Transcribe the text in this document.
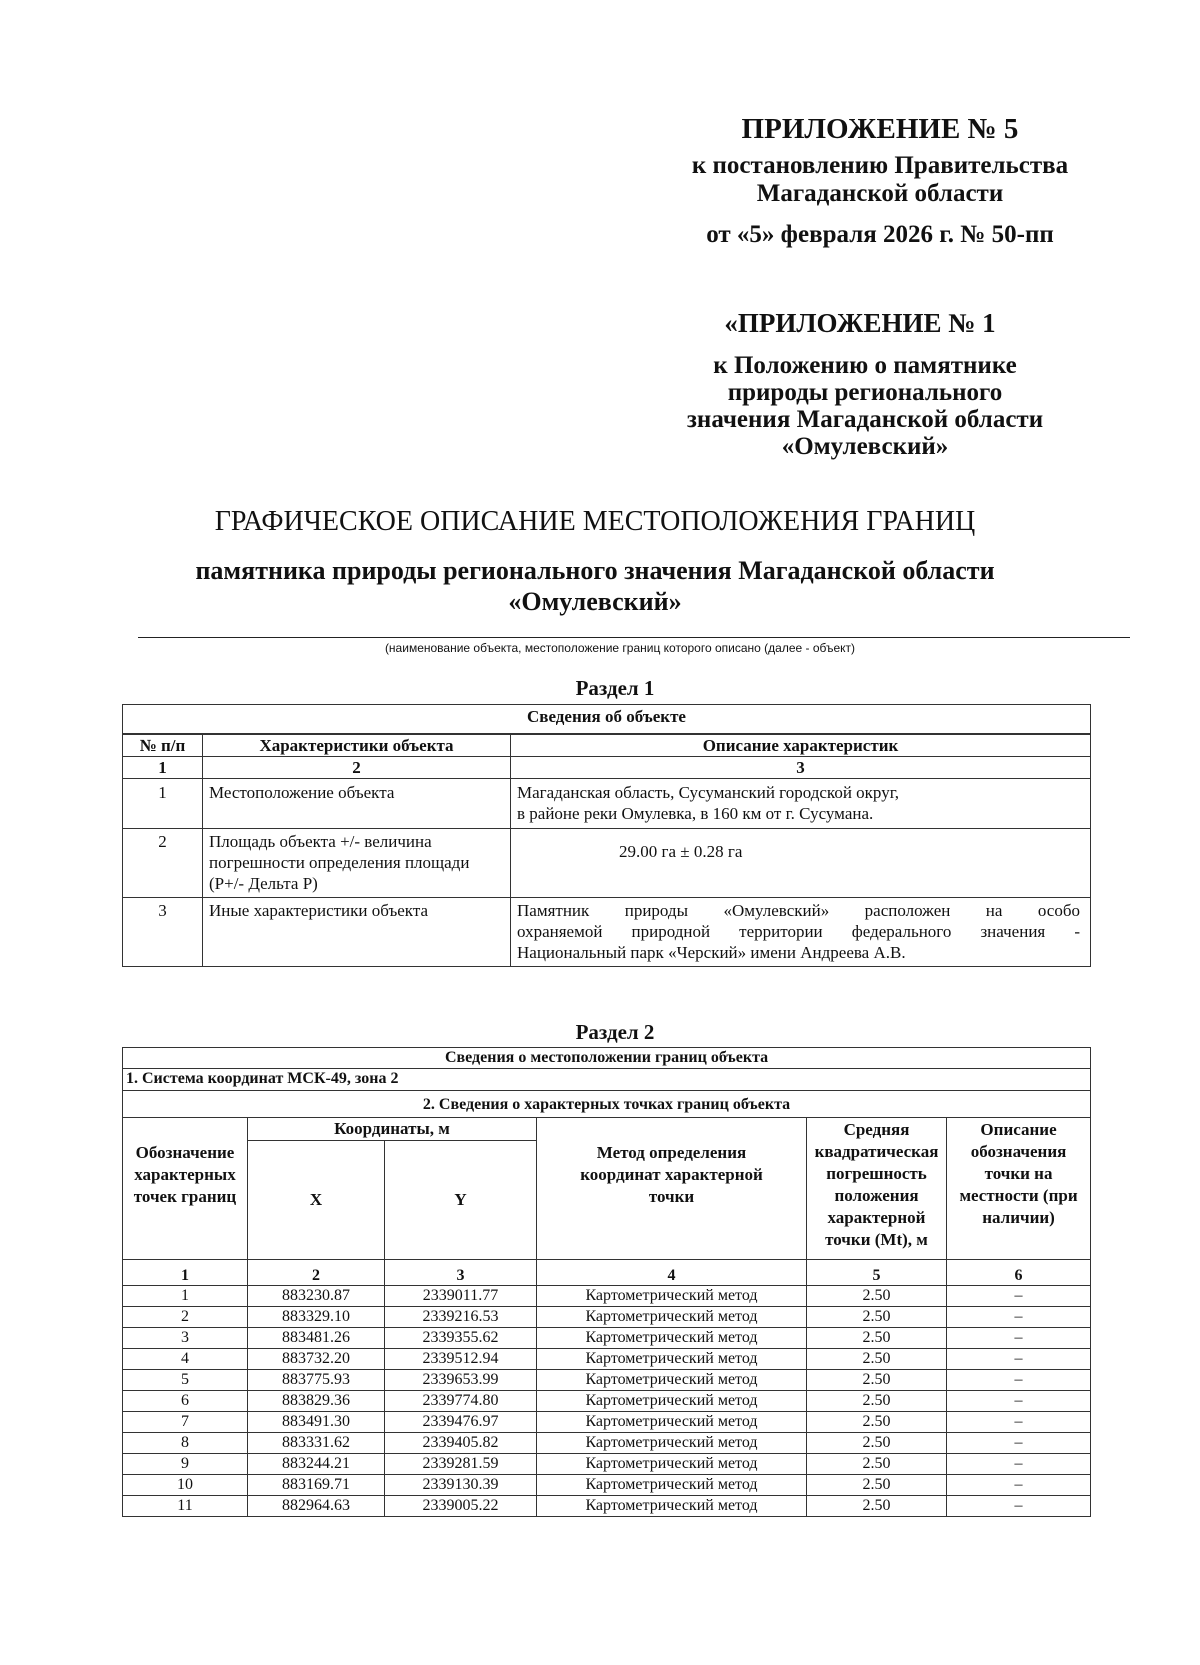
ПРИЛОЖЕНИЕ № 5
к постановлению Правительства
Магаданской области
от «5» февраля 2026 г. № 50-пп
«ПРИЛОЖЕНИЕ № 1
к Положению о памятнике
природы регионального
значения Магаданской области
«Омулевский»
ГРАФИЧЕСКОЕ ОПИСАНИЕ МЕСТОПОЛОЖЕНИЯ ГРАНИЦ
памятника природы регионального значения Магаданской области
«Омулевский»
(наименование объекта, местоположение границ которого описано (далее - объект)
Раздел 1
Сведения об объекте		
№ п/п	Характеристики объекта	Описание характеристик
1	2	3
1	Местоположение объекта	Магаданская область, Сусуманский городской округ,
в районе реки Омулевка, в 160 км от г. Сусумана.

2	Площадь объекта +/- величина
погрешности определения площади
(Р+/- Дельта Р)	29.00 га ± 0.28 га
3	Иные характеристики объекта	Памятник природы «Омулевский» расположен на особо
охраняемой природной территории федерального значения -
Национальный парк «Черский» имени Андреева А.В.
Раздел 2
Сведения о местоположении границ объекта					
1. Система координат МСК-49, зона 2					
2. Сведения о характерных точках границ объекта					
Обозначение характерных точек границ	Координаты, м		Метод определения координат характерной точки	Средняя квадратическая погрешность положения характерной точки (Mt), м	Описание обозначения точки на местности (при наличии)
	X	Y			
1	2	3	4	5	6
1	883230.87	2339011.77	Картометрический метод	2.50	–
2	883329.10	2339216.53	Картометрический метод	2.50	–
3	883481.26	2339355.62	Картометрический метод	2.50	–
4	883732.20	2339512.94	Картометрический метод	2.50	–
5	883775.93	2339653.99	Картометрический метод	2.50	–
6	883829.36	2339774.80	Картометрический метод	2.50	–
7	883491.30	2339476.97	Картометрический метод	2.50	–
8	883331.62	2339405.82	Картометрический метод	2.50	–
9	883244.21	2339281.59	Картометрический метод	2.50	–
10	883169.71	2339130.39	Картометрический метод	2.50	–
11	882964.63	2339005.22	Картометрический метод	2.50	–
